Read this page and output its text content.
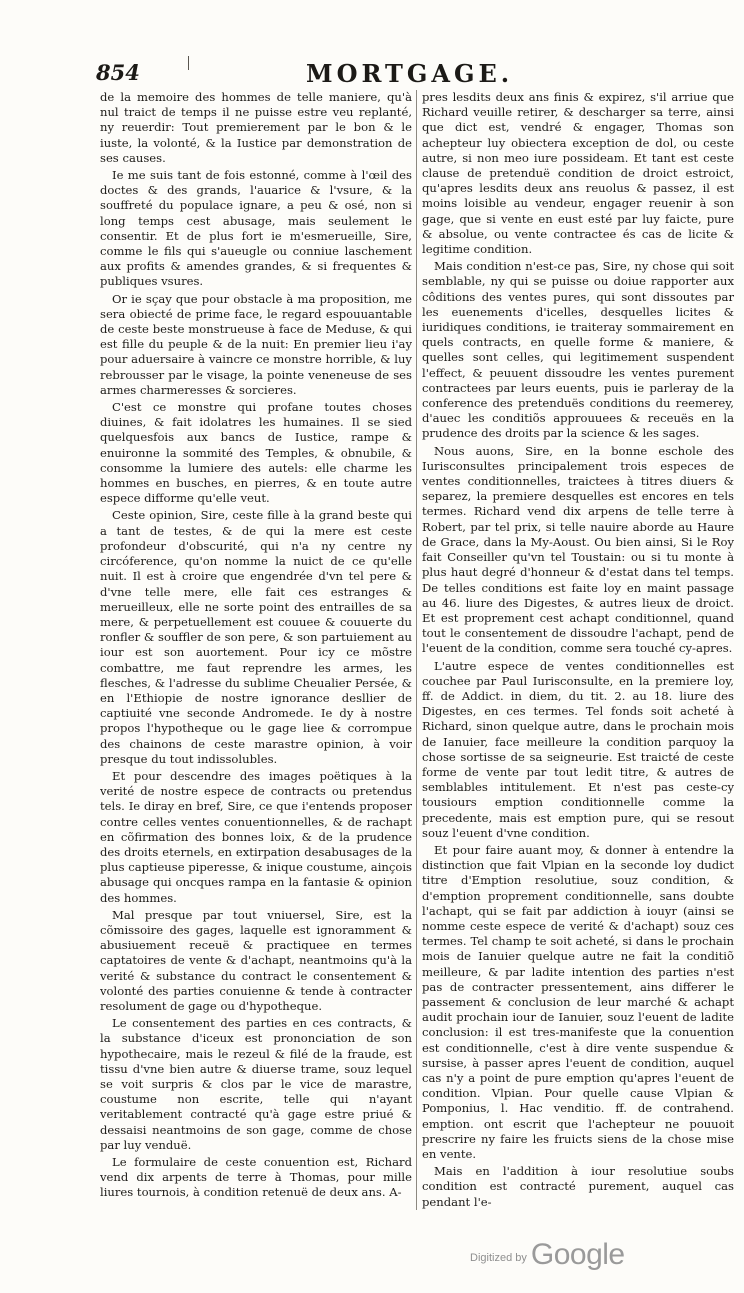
854	MORTGAGE.

de la memoire des hommes de telle maniere, qu'à nul traict de temps il ne puisse estre veu replanté, ny reuerdir: Tout premierement par le bon & le iuste, la volonté, & la Iustice par demonstration de ses causes.

Ie me suis tant de fois estonné, comme à l'œil des doctes & des grands, l'auarice & l'vsure, & la souffreté du populace ignare, a peu & osé, non si long temps cest abusage, mais seulement le consentir. Et de plus fort ie m'esmerueille, Sire, comme le fils qui s'aueugle ou conniue laschement aux profits & amendes grandes, & si frequentes & publiques vsures.

Or ie sçay que pour obstacle à ma proposition, me sera obiecté de prime face, le regard espouuantable de ceste beste monstrueuse à face de Meduse, & qui est fille du peuple & de la nuit: En premier lieu i'ay pour aduersaire à vaincre ce monstre horrible, & luy rebrousser par le visage, la pointe veneneuse de ses armes charmeresses & sorcieres.

C'est ce monstre qui profane toutes choses diuines, & fait idolatres les humaines. Il se sied quelquesfois aux bancs de Iustice, rampe & enuironne la sommité des Temples, & obnubile, & consomme la lumiere des autels: elle charme les hommes en busches, en pierres, & en toute autre espece difforme qu'elle veut.

Ceste opinion, Sire, ceste fille à la grand beste qui a tant de testes, & de qui la mere est ceste profondeur d'obscurité, qui n'a ny centre ny circóference, qu'on nomme la nuict de ce qu'elle nuit. Il est à croire que engendrée d'vn tel pere & d'vne telle mere, elle fait ces estranges & merueilleux, elle ne sorte point des entrailles de sa mere, & perpetuellement est couuee & couuerte du ronfler & souffler de son pere, & son partuiement au iour est son auortement. Pour icy ce mõstre combattre, me faut reprendre les armes, les flesches, & l'adresse du sublime Cheualier Persée, & en l'Ethiopie de nostre ignorance desllier de captiuité vne seconde Andromede. Ie dy à nostre propos l'hypotheque ou le gage liee & corrompue des chainons de ceste marastre opinion, à voir presque du tout indissolubles.

Et pour descendre des images poëtiques à la verité de nostre espece de contracts ou pretendus tels. Ie diray en bref, Sire, ce que i'entends proposer contre celles ventes conuentionnelles, & de rachapt en cõfirmation des bonnes loix, & de la prudence des droits eternels, en extirpation desabusages de la plus captieuse piperesse, & inique coustume, ainçois abusage qui oncques rampa en la fantasie & opinion des hommes.

Mal presque par tout vniuersel, Sire, est la cõmissoire des gages, laquelle est ignoramment & abusiuement receuë & practiquee en termes captatoires de vente & d'achapt, neantmoins qu'à la verité & substance du contract le consentement & volonté des parties conuienne & tende à contracter resolument de gage ou d'hypotheque.

Le consentement des parties en ces contracts, & la substance d'iceux est prononciation de son hypothecaire, mais le rezeul & filé de la fraude, est tissu d'vne bien autre & diuerse trame, souz lequel se voit surpris & clos par le vice de marastre, coustume non escrite, telle qui n'ayant veritablement contracté qu'à gage estre priué & dessaisi neantmoins de son gage, comme de chose par luy venduë.

Le formulaire de ceste conuention est, Richard vend dix arpents de terre à Thomas, pour mille liures tournois, à condition retenuë de deux ans. A-

pres lesdits deux ans finis & expirez, s'il arriue que Richard veuille retirer, & descharger sa terre, ainsi que dict est, vendré & engager, Thomas son achepteur luy obiectera exception de dol, ou ceste autre, si non meo iure possideam. Et tant est ceste clause de pretenduë condition de droict estroict, qu'apres lesdits deux ans reuolus & passez, il est moins loisible au vendeur, engager reuenir à son gage, que si vente en eust esté par luy faicte, pure & absolue, ou vente contractee és cas de licite & legitime condition.

Mais condition n'est-ce pas, Sire, ny chose qui soit semblable, ny qui se puisse ou doiue rapporter aux côditions des ventes pures, qui sont dissoutes par les euenements d'icelles, desquelles licites & iuridiques conditions, ie traiteray sommairement en quels contracts, en quelle forme & maniere, & quelles sont celles, qui legitimement suspendent l'effect, & peuuent dissoudre les ventes purement contractees par leurs euents, puis ie parleray de la conference des pretenduës conditions du reemerey, d'auec les conditiõs approuuees & receuës en la prudence des droits par la science & les sages.

Nous auons, Sire, en la bonne eschole des Iurisconsultes principalement trois especes de ventes conditionnelles, traictees à titres diuers & separez, la premiere desquelles est encores en tels termes. Richard vend dix arpens de telle terre à Robert, par tel prix, si telle nauire aborde au Haure de Grace, dans la My-Aoust. Ou bien ainsi, Si le Roy fait Conseiller qu'vn tel Toustain: ou si tu monte à plus haut degré d'honneur & d'estat dans tel temps. De telles conditions est faite loy en maint passage au 46. liure des Digestes, & autres lieux de droict. Et est proprement cest achapt conditionnel, quand tout le consentement de dissoudre l'achapt, pend de l'euent de la condition, comme sera touché cy-apres.

L'autre espece de ventes conditionnelles est couchee par Paul Iurisconsulte, en la premiere loy, ff. de Addict. in diem, du tit. 2. au 18. liure des Digestes, en ces termes. Tel fonds soit acheté à Richard, sinon quelque autre, dans le prochain mois de Ianuier, face meilleure la condition parquoy la chose sortisse de sa seigneurie. Est traicté de ceste forme de vente par tout ledit titre, & autres de semblables intitulement. Et n'est pas ceste-cy tousiours emption conditionnelle comme la precedente, mais est emption pure, qui se resout souz l'euent d'vne condition.

Et pour faire auant moy, & donner à entendre la distinction que fait Vlpian en la seconde loy dudict titre d'Emption resolutiue, souz condition, & d'emption proprement conditionnelle, sans doubte l'achapt, qui se fait par addiction à iouyr (ainsi se nomme ceste espece de verité & d'achapt) souz ces termes. Tel champ te soit acheté, si dans le prochain mois de Ianuier quelque autre ne fait la conditiõ meilleure, & par ladite intention des parties n'est pas de contracter pressentement, ains differer le passement & conclusion de leur marché & achapt audit prochain iour de Ianuier, souz l'euent de ladite conclusion: il est tres-manifeste que la conuention est conditionnelle, c'est à dire vente suspendue & sursise, à passer apres l'euent de condition, auquel cas n'y a point de pure emption qu'apres l'euent de condition. Vlpian. Pour quelle cause Vlpian & Pomponius, l. Hac venditio. ff. de contrahend. emption. ont escrit que l'achepteur ne pouuoit prescrire ny faire les fruicts siens de la chose mise en vente.

Mais en l'addition à iour resolutiue soubs condition est contracté purement, auquel cas pendant l'e-

Digitized by Google
